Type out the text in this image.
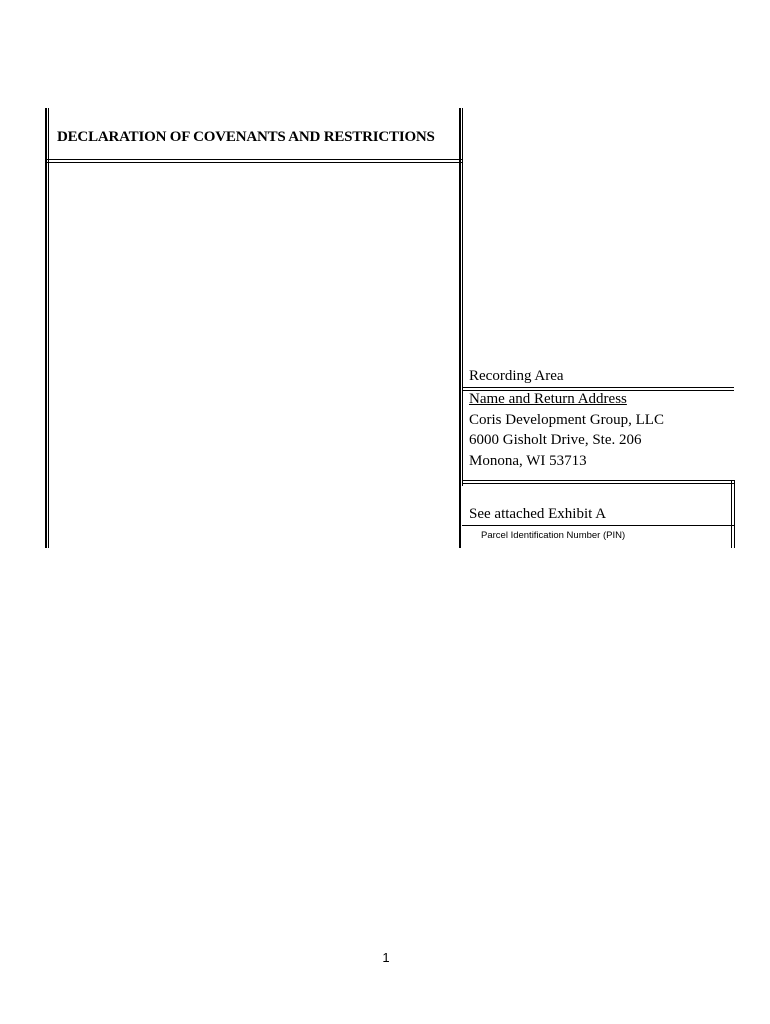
DECLARATION OF COVENANTS AND RESTRICTIONS
Recording Area
Name and Return Address
Coris Development Group, LLC
6000 Gisholt Drive, Ste. 206
Monona, WI 53713
See attached Exhibit A
Parcel Identification Number (PIN)
1
